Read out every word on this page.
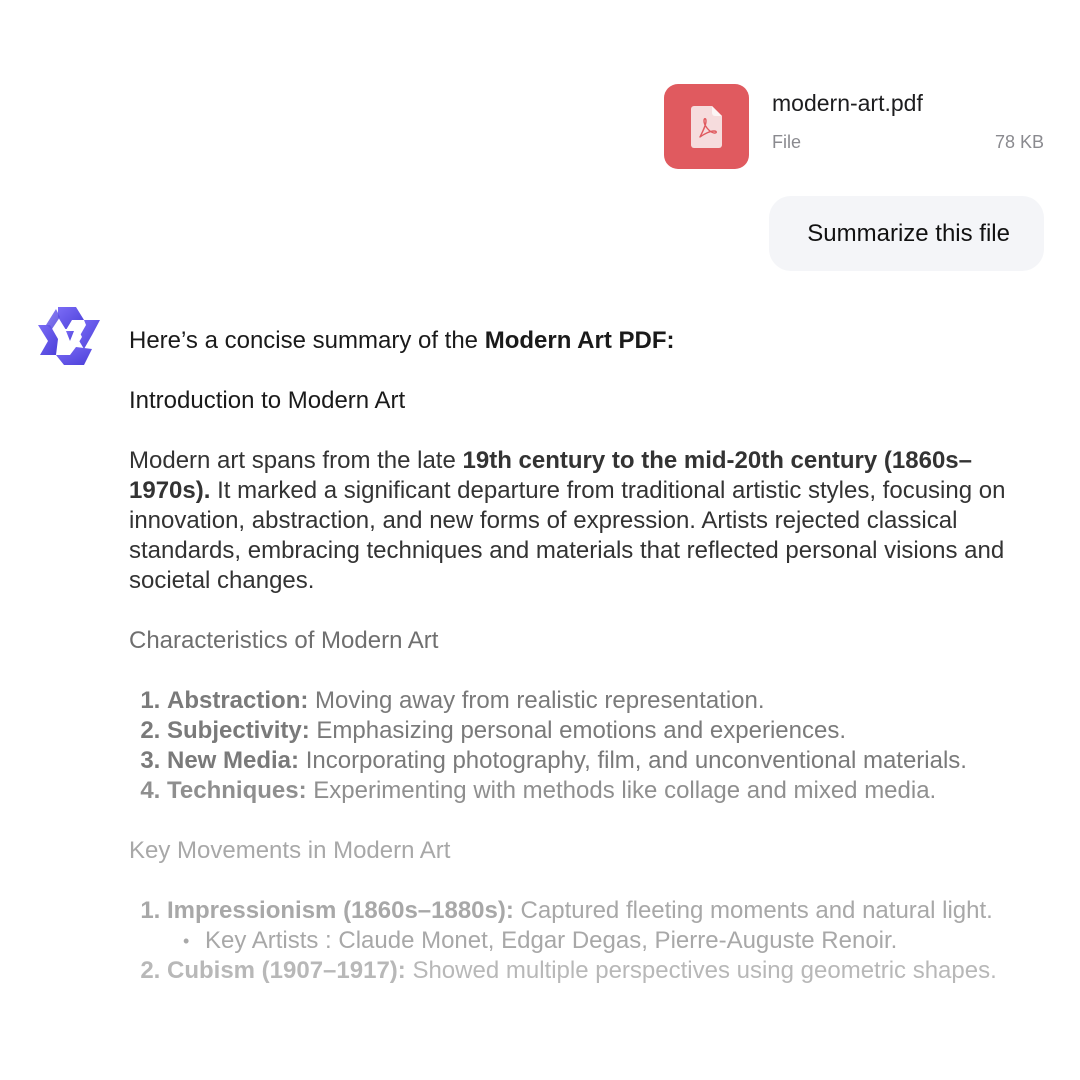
modern-art.pdf
File	78 KB
Summarize this file

Here’s a concise summary of the Modern Art PDF:

Introduction to Modern Art

Modern art spans from the late 19th century to the mid-20th century (1860s–1970s). It marked a significant departure from traditional artistic styles, focusing on innovation, abstraction, and new forms of expression. Artists rejected classical standards, embracing techniques and materials that reflected personal visions and societal changes.

Characteristics of Modern Art

1. Abstraction: Moving away from realistic representation.
2. Subjectivity: Emphasizing personal emotions and experiences.
3. New Media: Incorporating photography, film, and unconventional materials.
4. Techniques: Experimenting with methods like collage and mixed media.

Key Movements in Modern Art

1. Impressionism (1860s–1880s): Captured fleeting moments and natural light.
• Key Artists : Claude Monet, Edgar Degas, Pierre-Auguste Renoir.
2. Cubism (1907–1917): Showed multiple perspectives using geometric shapes.
